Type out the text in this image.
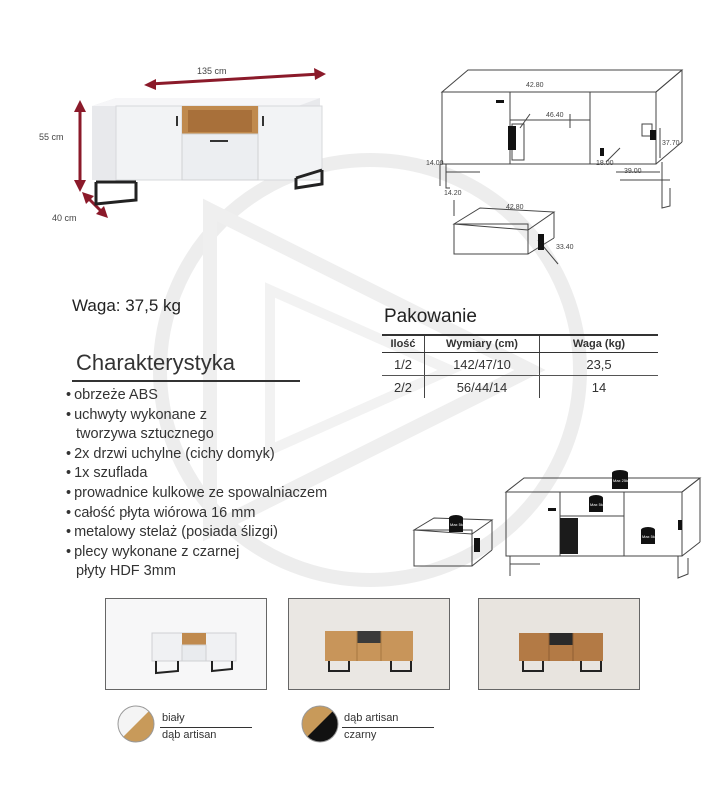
135 cm
55 cm
40 cm
42.80
46.40
14.00
37.70
18.00
39.00
14.20
42.80
33.40
Waga: 37,5 kg
Pakowanie
Ilość	Wymiary (cm)	Waga (kg)
1/2	142/47/10	23,5
2/2	56/44/14	14
Charakterystyka
• obrzeże ABS
• uchwyty wykonane z
tworzywa sztucznego
• 2x drzwi uchylne (cichy domyk)
• 1x szuflada
• prowadnice kulkowe ze spowalniaczem
• całość płyta wiórowa 16 mm
• metalowy stelaż (posiada ślizgi)
• plecy wykonane z czarnej
płyty HDF 3mm
Max 25kg
Max 5kg
Max 5kg
Max 5kg
biały
dąb artisan
dąb artisan
czarny
